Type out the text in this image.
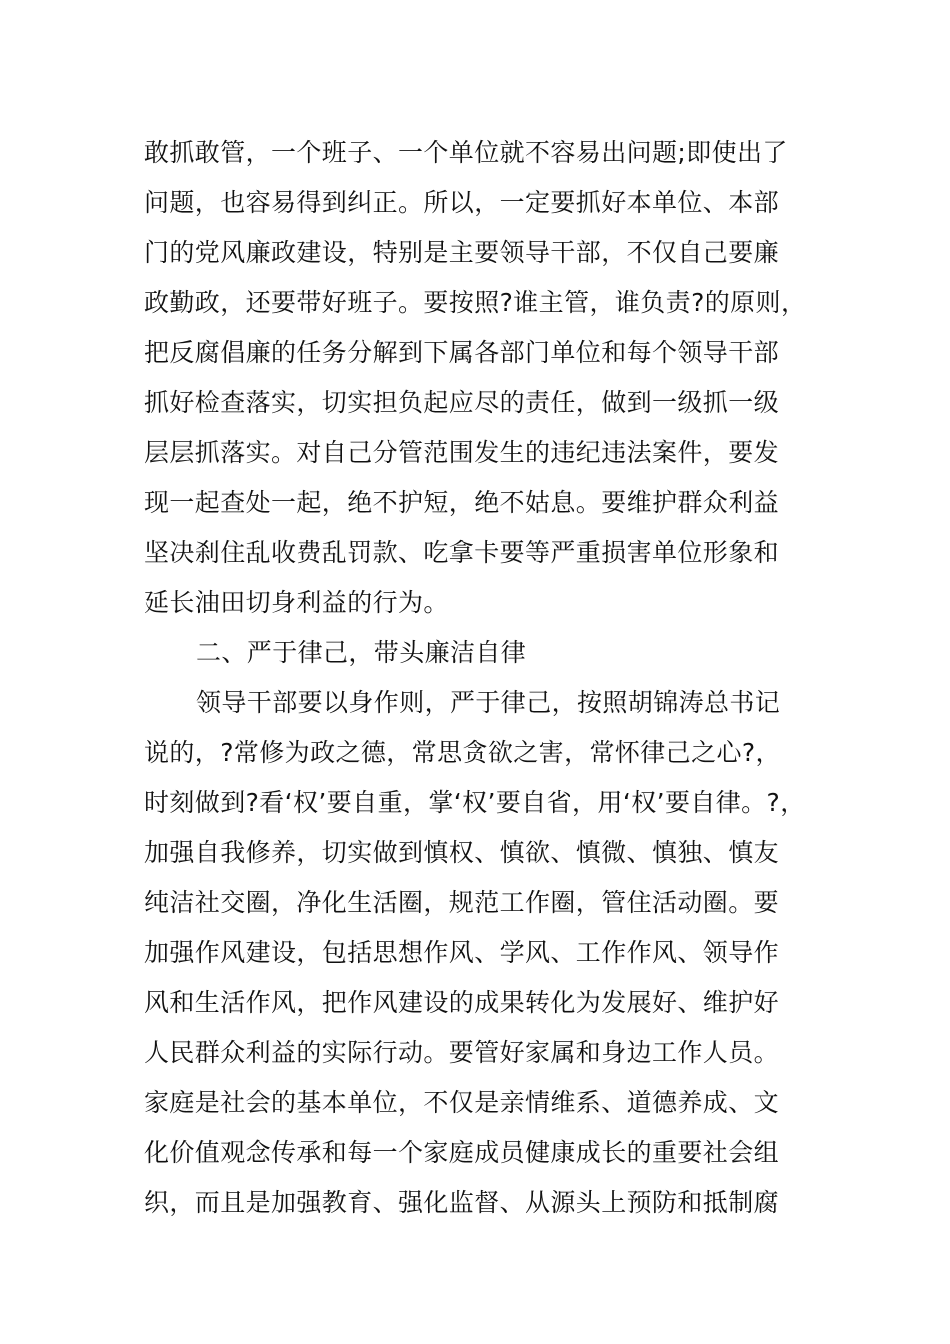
敢抓敢管，一个班子、一个单位就不容易出问题;即使出了
问题，也容易得到纠正。所以，一定要抓好本单位、本部
门的党风廉政建设，特别是主要领导干部，不仅自己要廉
政勤政，还要带好班子。要按照?谁主管，谁负责?的原则，
把反腐倡廉的任务分解到下属各部门单位和每个领导干部
抓好检查落实，切实担负起应尽的责任，做到一级抓一级
层层抓落实。对自己分管范围发生的违纪违法案件，要发
现一起查处一起，绝不护短，绝不姑息。要维护群众利益
坚决刹住乱收费乱罚款、吃拿卡要等严重损害单位形象和
延长油田切身利益的行为。
二、严于律己，带头廉洁自律
领导干部要以身作则，严于律己，按照胡锦涛总书记
说的，?常修为政之德，常思贪欲之害，常怀律己之心?，
时刻做到?看‘权’要自重，掌‘权’要自省，用‘权’要自律。?，
加强自我修养，切实做到慎权、慎欲、慎微、慎独、慎友
纯洁社交圈，净化生活圈，规范工作圈，管住活动圈。要
加强作风建设，包括思想作风、学风、工作作风、领导作
风和生活作风，把作风建设的成果转化为发展好、维护好
人民群众利益的实际行动。要管好家属和身边工作人员。
家庭是社会的基本单位，不仅是亲情维系、道德养成、文
化价值观念传承和每一个家庭成员健康成长的重要社会组
织，而且是加强教育、强化监督、从源头上预防和抵制腐
